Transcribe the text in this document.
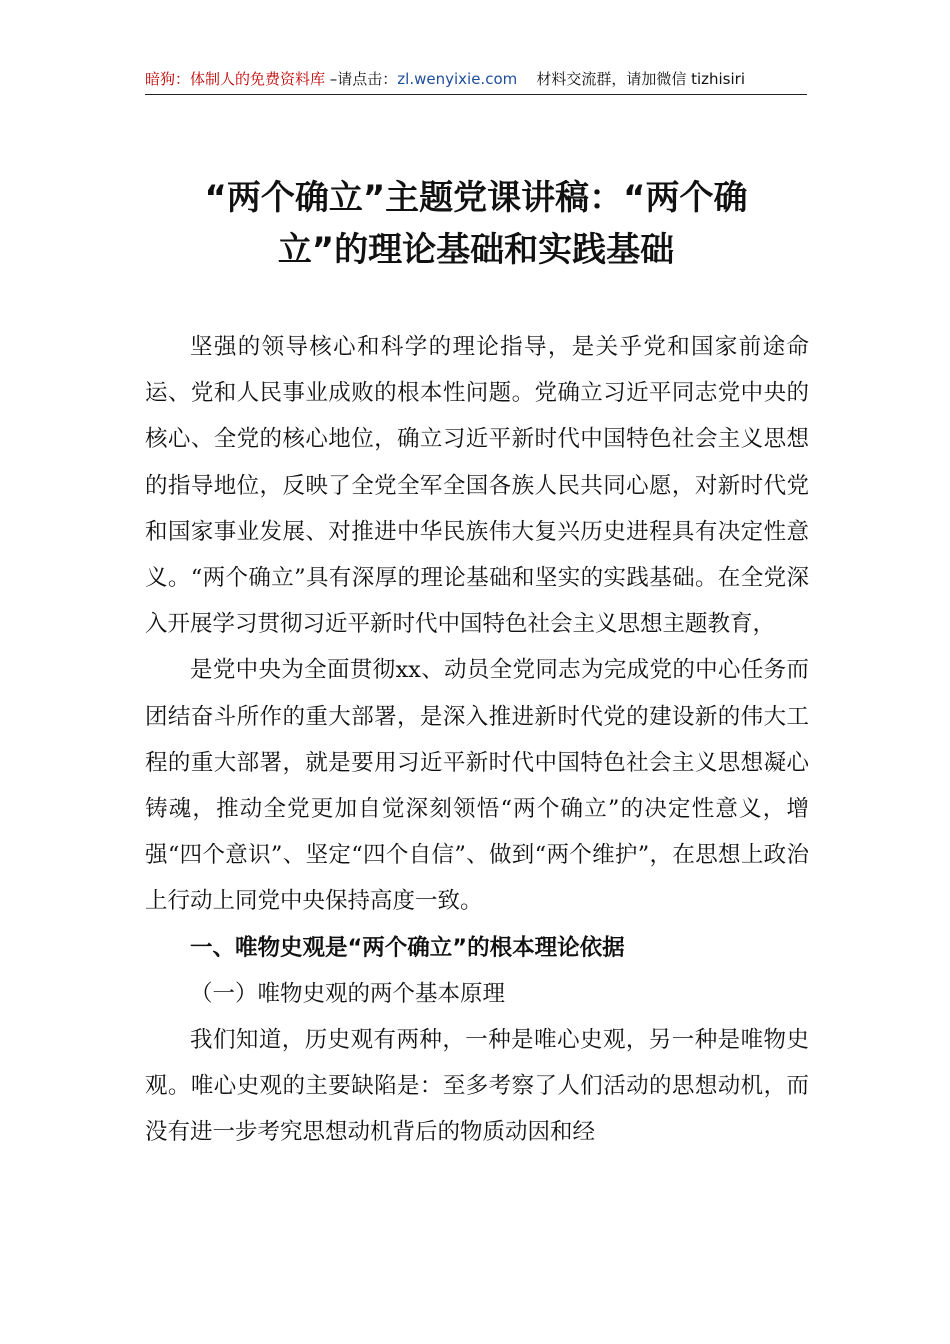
暗狗：体制人的免费资料库 –请点击：zl.wenyixie.com 材料交流群，请加微信 tizhisiri
“两个确立”主题党课讲稿：“两个确
立”的理论基础和实践基础

坚强的领导核心和科学的理论指导，是关乎党和国家前途命运、党和人民事业成败的根本性问题。党确立习近平同志党中央的核心、全党的核心地位，确立习近平新时代中国特色社会主义思想的指导地位，反映了全党全军全国各族人民共同心愿，对新时代党和国家事业发展、对推进中华民族伟大复兴历史进程具有决定性意义。“两个确立”具有深厚的理论基础和坚实的实践基础。在全党深入开展学习贯彻习近平新时代中国特色社会主义思想主题教育，

是党中央为全面贯彻xx、动员全党同志为完成党的中心任务而团结奋斗所作的重大部署，是深入推进新时代党的建设新的伟大工程的重大部署，就是要用习近平新时代中国特色社会主义思想凝心铸魂，推动全党更加自觉深刻领悟“两个确立”的决定性意义，增强“四个意识”、坚定“四个自信”、做到“两个维护”，在思想上政治上行动上同党中央保持高度一致。

一、唯物史观是“两个确立”的根本理论依据

（一）唯物史观的两个基本原理

我们知道，历史观有两种，一种是唯心史观，另一种是唯物史观。唯心史观的主要缺陷是：至多考察了人们活动的思想动机，而没有进一步考究思想动机背后的物质动因和经
